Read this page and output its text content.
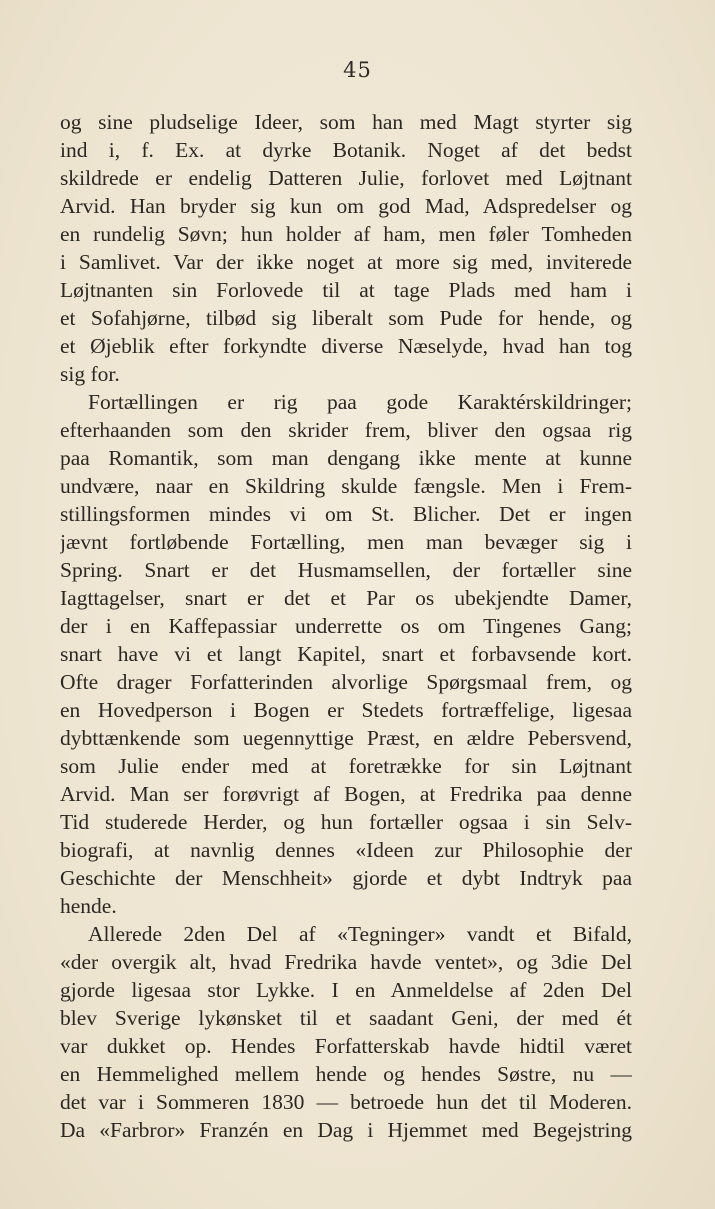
45
og sine pludselige Ideer, som han med Magt styrter sig
ind i, f. Ex. at dyrke Botanik. Noget af det bedst
skildrede er endelig Datteren Julie, forlovet med Løjtnant
Arvid. Han bryder sig kun om god Mad, Adspredelser og
en rundelig Søvn; hun holder af ham, men føler Tomheden
i Samlivet. Var der ikke noget at more sig med, inviterede
Løjtnanten sin Forlovede til at tage Plads med ham i
et Sofahjørne, tilbød sig liberalt som Pude for hende, og
et Øjeblik efter forkyndte diverse Næselyde, hvad han tog
sig for.
Fortællingen er rig paa gode Karaktérskildringer;
efterhaanden som den skrider frem, bliver den ogsaa rig
paa Romantik, som man dengang ikke mente at kunne
undvære, naar en Skildring skulde fængsle. Men i Frem-
stillingsformen mindes vi om St. Blicher. Det er ingen
jævnt fortløbende Fortælling, men man bevæger sig i
Spring. Snart er det Husmamsellen, der fortæller sine
Iagttagelser, snart er det et Par os ubekjendte Damer,
der i en Kaffepassiar underrette os om Tingenes Gang;
snart have vi et langt Kapitel, snart et forbavsende kort.
Ofte drager Forfatterinden alvorlige Spørgsmaal frem, og
en Hovedperson i Bogen er Stedets fortræffelige, ligesaa
dybttænkende som uegennyttige Præst, en ældre Pebersvend,
som Julie ender med at foretrække for sin Løjtnant
Arvid. Man ser forøvrigt af Bogen, at Fredrika paa denne
Tid studerede Herder, og hun fortæller ogsaa i sin Selv-
biografi, at navnlig dennes «Ideen zur Philosophie der
Geschichte der Menschheit» gjorde et dybt Indtryk paa
hende.
Allerede 2den Del af «Tegninger» vandt et Bifald,
«der overgik alt, hvad Fredrika havde ventet», og 3die Del
gjorde ligesaa stor Lykke. I en Anmeldelse af 2den Del
blev Sverige lykønsket til et saadant Geni, der med ét
var dukket op. Hendes Forfatterskab havde hidtil været
en Hemmelighed mellem hende og hendes Søstre, nu —
det var i Sommeren 1830 — betroede hun det til Moderen.
Da «Farbror» Franzén en Dag i Hjemmet med Begejstring
